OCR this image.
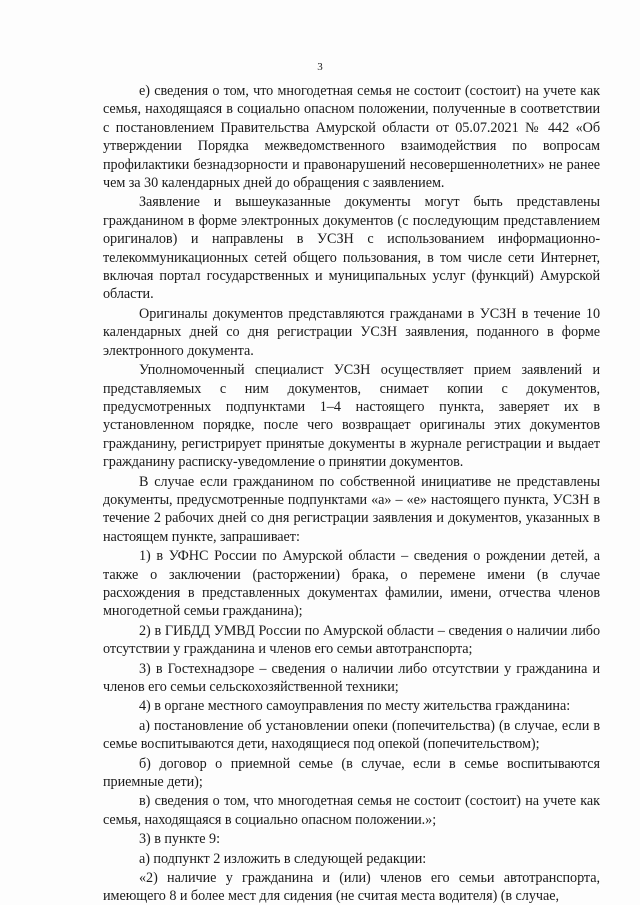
3

е) сведения о том, что многодетная семья не состоит (состоит) на учете как семья, находящаяся в социально опасном положении, полученные в соответствии с постановлением Правительства Амурской области от 05.07.2021 № 442 «Об утверждении Порядка межведомственного взаимодействия по вопросам профилактики безнадзорности и правонарушений несовершеннолетних» не ранее чем за 30 календарных дней до обращения с заявлением.

Заявление и вышеуказанные документы могут быть представлены гражданином в форме электронных документов (с последующим представлением оригиналов) и направлены в УСЗН с использованием информационно-телекоммуникационных сетей общего пользования, в том числе сети Интернет, включая портал государственных и муниципальных услуг (функций) Амурской области.

Оригиналы документов представляются гражданами в УСЗН в течение 10 календарных дней со дня регистрации УСЗН заявления, поданного в форме электронного документа.

Уполномоченный специалист УСЗН осуществляет прием заявлений и представляемых с ним документов, снимает копии с документов, предусмотренных подпунктами 1–4 настоящего пункта, заверяет их в установленном порядке, после чего возвращает оригиналы этих документов гражданину, регистрирует принятые документы в журнале регистрации и выдает гражданину расписку-уведомление о принятии документов.

В случае если гражданином по собственной инициативе не представлены документы, предусмотренные подпунктами «а» – «е» настоящего пункта, УСЗН в течение 2 рабочих дней со дня регистрации заявления и документов, указанных в настоящем пункте, запрашивает:

1) в УФНС России по Амурской области – сведения о рождении детей, а также о заключении (расторжении) брака, о перемене имени (в случае расхождения в представленных документах фамилии, имени, отчества членов многодетной семьи гражданина);

2) в ГИБДД УМВД России по Амурской области – сведения о наличии либо отсутствии у гражданина и членов его семьи автотранспорта;

3) в Гостехнадзоре – сведения о наличии либо отсутствии у гражданина и членов его семьи сельскохозяйственной техники;

4) в органе местного самоуправления по месту жительства гражданина:

а) постановление об установлении опеки (попечительства) (в случае, если в семье воспитываются дети, находящиеся под опекой (попечительством);

б) договор о приемной семье (в случае, если в семье воспитываются приемные дети);

в) сведения о том, что многодетная семья не состоит (состоит) на учете как семья, находящаяся в социально опасном положении.»;

3) в пункте 9:

а) подпункт 2 изложить в следующей редакции:

«2) наличие у гражданина и (или) членов его семьи автотранспорта, имеющего 8 и более мест для сидения (не считая места водителя) (в случае,
